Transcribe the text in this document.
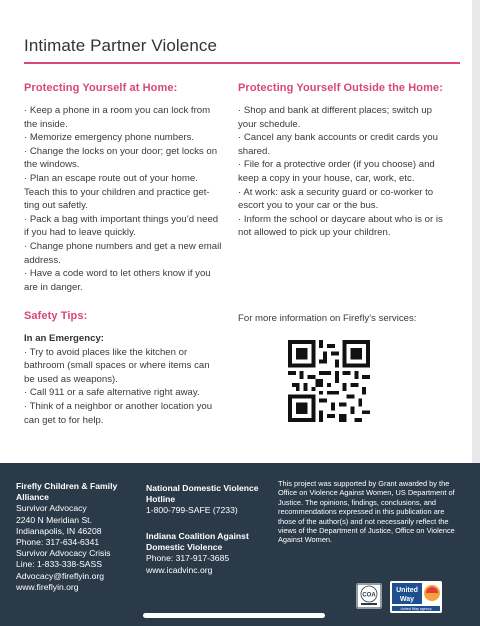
Intimate Partner Violence
Protecting Yourself at Home:

· Keep a phone in a room you can lock from the inside.

· Memorize emergency phone numbers.

· Change the locks on your door; get locks on the windows.

· Plan an escape route out of your home. Teach this to your children and practice get-ting out safetly.

· Pack a bag with important things you’d need if you had to leave quickly.

· Change phone numbers and get a new email address.

· Have a code word to let others know if you are in danger.

Protecting Yourself Outside the Home:

· Shop and bank at different places; switch up your schedule.

· Cancel any bank accounts or credit cards you shared.

· File for a protective order (if you choose) and keep a copy in your house, car, work, etc.

· At work: ask a security guard or co-worker to escort you to your car or the bus.

· Inform the school or daycare about who is or is not allowed to pick up your children.

Safety Tips:

In an Emergency:

· Try to avoid places like the kitchen or bathroom (small spaces or where items can be used as weapons).

· Call 911 or a safe alternative right away.

· Think of a neighbor or another location you can get to for help.

For more information on Firefly’s services:
Firefly Children & Family Alliance
Survivor Advocacy
2240 N Meridian St.
Indianapolis, IN 46208
Phone: 317-634-6341
Survivor Advocacy Crisis Line: 1-833-338-SASS
Advocacy@fireflyin.org
www.fireflyin.org
National Domestic Violence Hotline
1-800-799-SAFE (7233)
Indiana Coalition Against Domestic Violence
Phone: 317-917-3685
www.icadvinc.org
This project was supported by Grant awarded by the Office on Violence Against Women, US Department of Justice. The opinions, findings, conclusions, and recommendations expressed in this publication are those of the author(s) and not necessarily reflect the views of the Department of Justice, Office on Violence Against Women.
COA
United
Way
United Way agency
